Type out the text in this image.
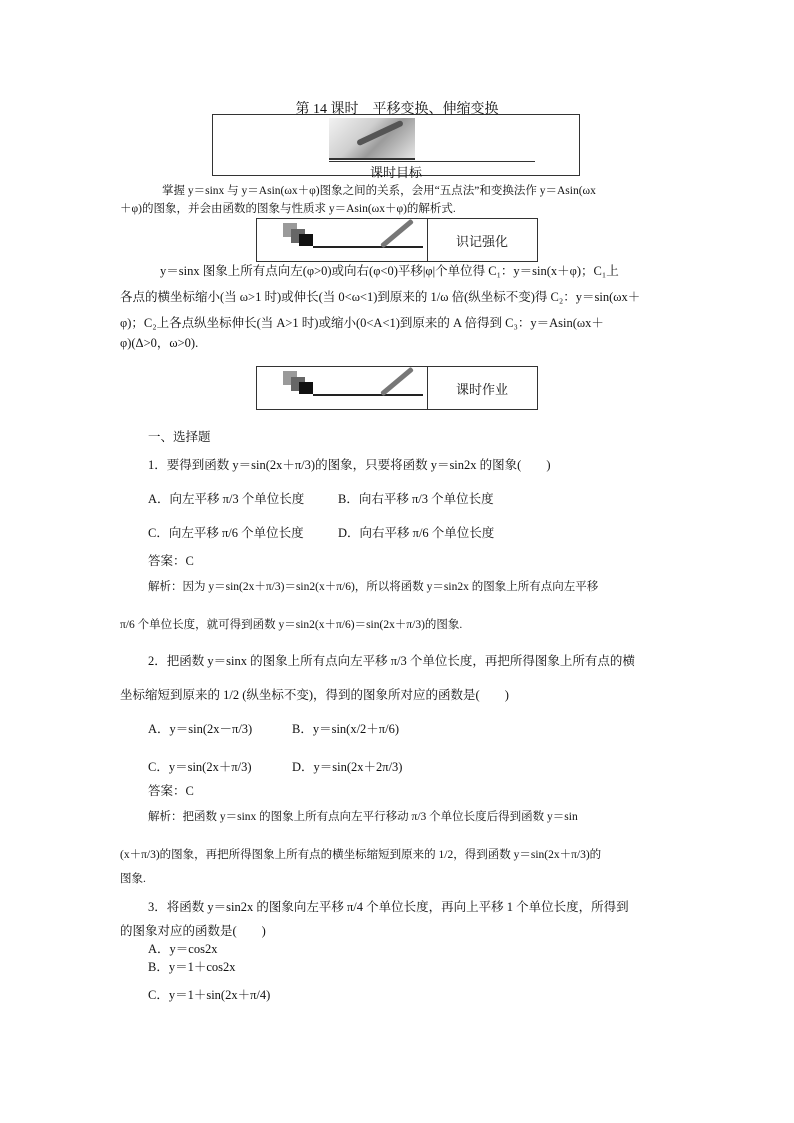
第 14 课时　平移变换、伸缩变换
课时目标
掌握 y＝sinx 与 y＝Asin(ωx＋φ)图象之间的关系，会用“五点法”和变换法作 y＝Asin(ωx
＋φ)的图象，并会由函数的图象与性质求 y＝Asin(ωx＋φ)的解析式.
识记强化
y＝sinx 图象上所有点向左(φ>0)或向右(φ<0)平移|φ|个单位得 C₁：y＝sin(x＋φ)；C₁上
各点的横坐标缩小(当 ω>1 时)或伸长(当 0<ω<1)到原来的 1/ω 倍(纵坐标不变)得 C₂：y＝sin(ωx＋
φ)；C₂上各点纵坐标伸长(当 A>1 时)或缩小(0<A<1)到原来的 A 倍得到 C₃：y＝Asin(ωx＋
φ)(Δ>0，ω>0).
课时作业
一、选择题
1．要得到函数 y＝sin(2x＋π/3)的图象，只要将函数 y＝sin2x 的图象(　　)
A．向左平移 π/3 个单位长度	B．向右平移 π/3 个单位长度
C．向左平移 π/6 个单位长度	D．向右平移 π/6 个单位长度
答案：C
解析：因为 y＝sin(2x＋π/3)＝sin2(x＋π/6)，所以将函数 y＝sin2x 的图象上所有点向左平移
π/6 个单位长度，就可得到函数 y＝sin2(x＋π/6)＝sin(2x＋π/3)的图象.
2．把函数 y＝sinx 的图象上所有点向左平移 π/3 个单位长度，再把所得图象上所有点的横
坐标缩短到原来的 1/2 (纵坐标不变)，得到的图象所对应的函数是(　　)
A．y＝sin(2x－π/3)	B．y＝sin(x/2＋π/6)
C．y＝sin(2x＋π/3)	D．y＝sin(2x＋2π/3)
答案：C
解析：把函数 y＝sinx 的图象上所有点向左平行移动 π/3 个单位长度后得到函数 y＝sin
(x＋π/3)的图象，再把所得图象上所有点的横坐标缩短到原来的 1/2，得到函数 y＝sin(2x＋π/3)的
图象.
3．将函数 y＝sin2x 的图象向左平移 π/4 个单位长度，再向上平移 1 个单位长度，所得到
的图象对应的函数是(　　)
A．y＝cos2x
B．y＝1＋cos2x
C．y＝1＋sin(2x＋π/4)
